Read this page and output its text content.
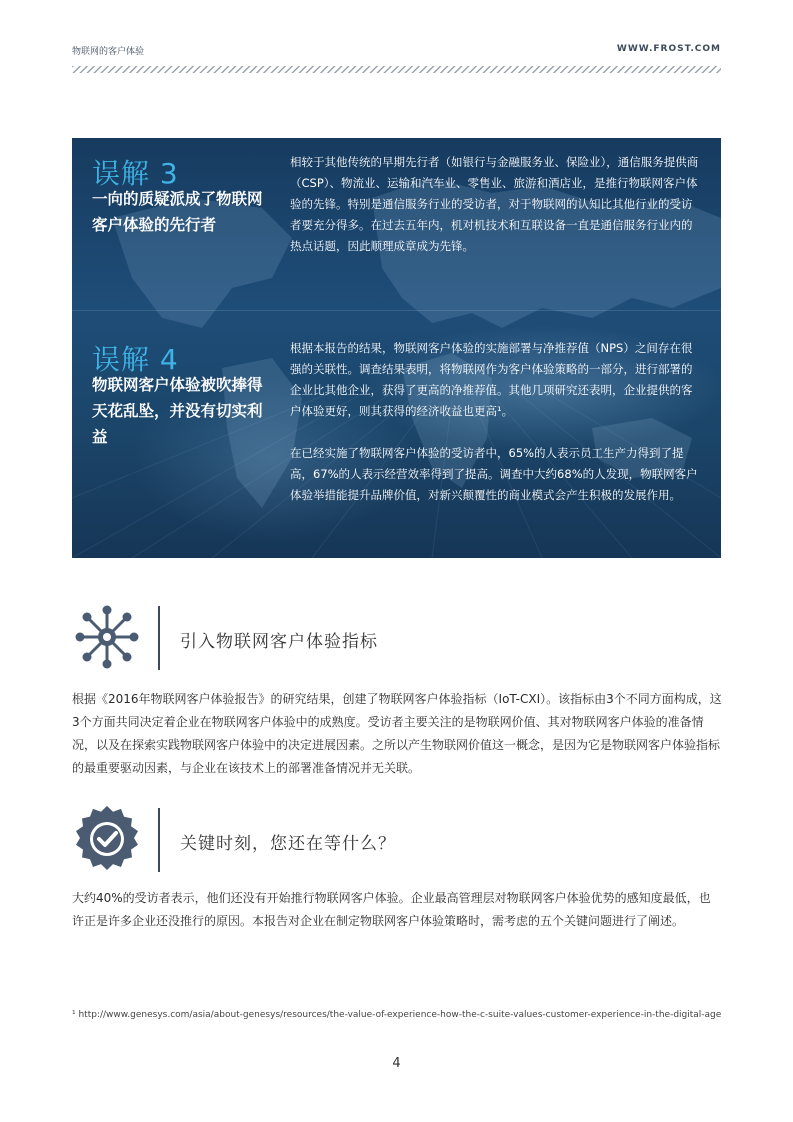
物联网的客户体验	WWW.FROST.COM
误解 3
一向的质疑派成了物联网客户体验的先行者

相较于其他传统的早期先行者（如银行与金融服务业、保险业），通信服务提供商（CSP）、物流业、运输和汽车业、零售业、旅游和酒店业，是推行物联网客户体验的先锋。特别是通信服务行业的受访者，对于物联网的认知比其他行业的受访者要充分得多。在过去五年内，机对机技术和互联设备一直是通信服务行业内的热点话题，因此顺理成章成为先锋。

误解 4
物联网客户体验被吹捧得天花乱坠，并没有切实利益

根据本报告的结果，物联网客户体验的实施部署与净推荐值（NPS）之间存在很强的关联性。调查结果表明，将物联网作为客户体验策略的一部分，进行部署的企业比其他企业，获得了更高的净推荐值。其他几项研究还表明，企业提供的客户体验更好，则其获得的经济收益也更高¹。

在已经实施了物联网客户体验的受访者中，65%的人表示员工生产力得到了提高，67%的人表示经营效率得到了提高。调查中大约68%的人发现，物联网客户体验举措能提升品牌价值，对新兴颠覆性的商业模式会产生积极的发展作用。

引入物联网客户体验指标
根据《2016年物联网客户体验报告》的研究结果，创建了物联网客户体验指标（IoT-CXI）。该指标由3个不同方面构成，这3个方面共同决定着企业在物联网客户体验中的成熟度。受访者主要关注的是物联网价值、其对物联网客户体验的准备情况，以及在探索实践物联网客户体验中的决定进展因素。之所以产生物联网价值这一概念，是因为它是物联网客户体验指标的最重要驱动因素，与企业在该技术上的部署准备情况并无关联。
关键时刻，您还在等什么？
大约40%的受访者表示，他们还没有开始推行物联网客户体验。企业最高管理层对物联网客户体验优势的感知度最低，也许正是许多企业还没推行的原因。本报告对企业在制定物联网客户体验策略时，需考虑的五个关键问题进行了阐述。
¹ http://www.genesys.com/asia/about-genesys/resources/the-value-of-experience-how-the-c-suite-values-customer-experience-in-the-digital-age
4
